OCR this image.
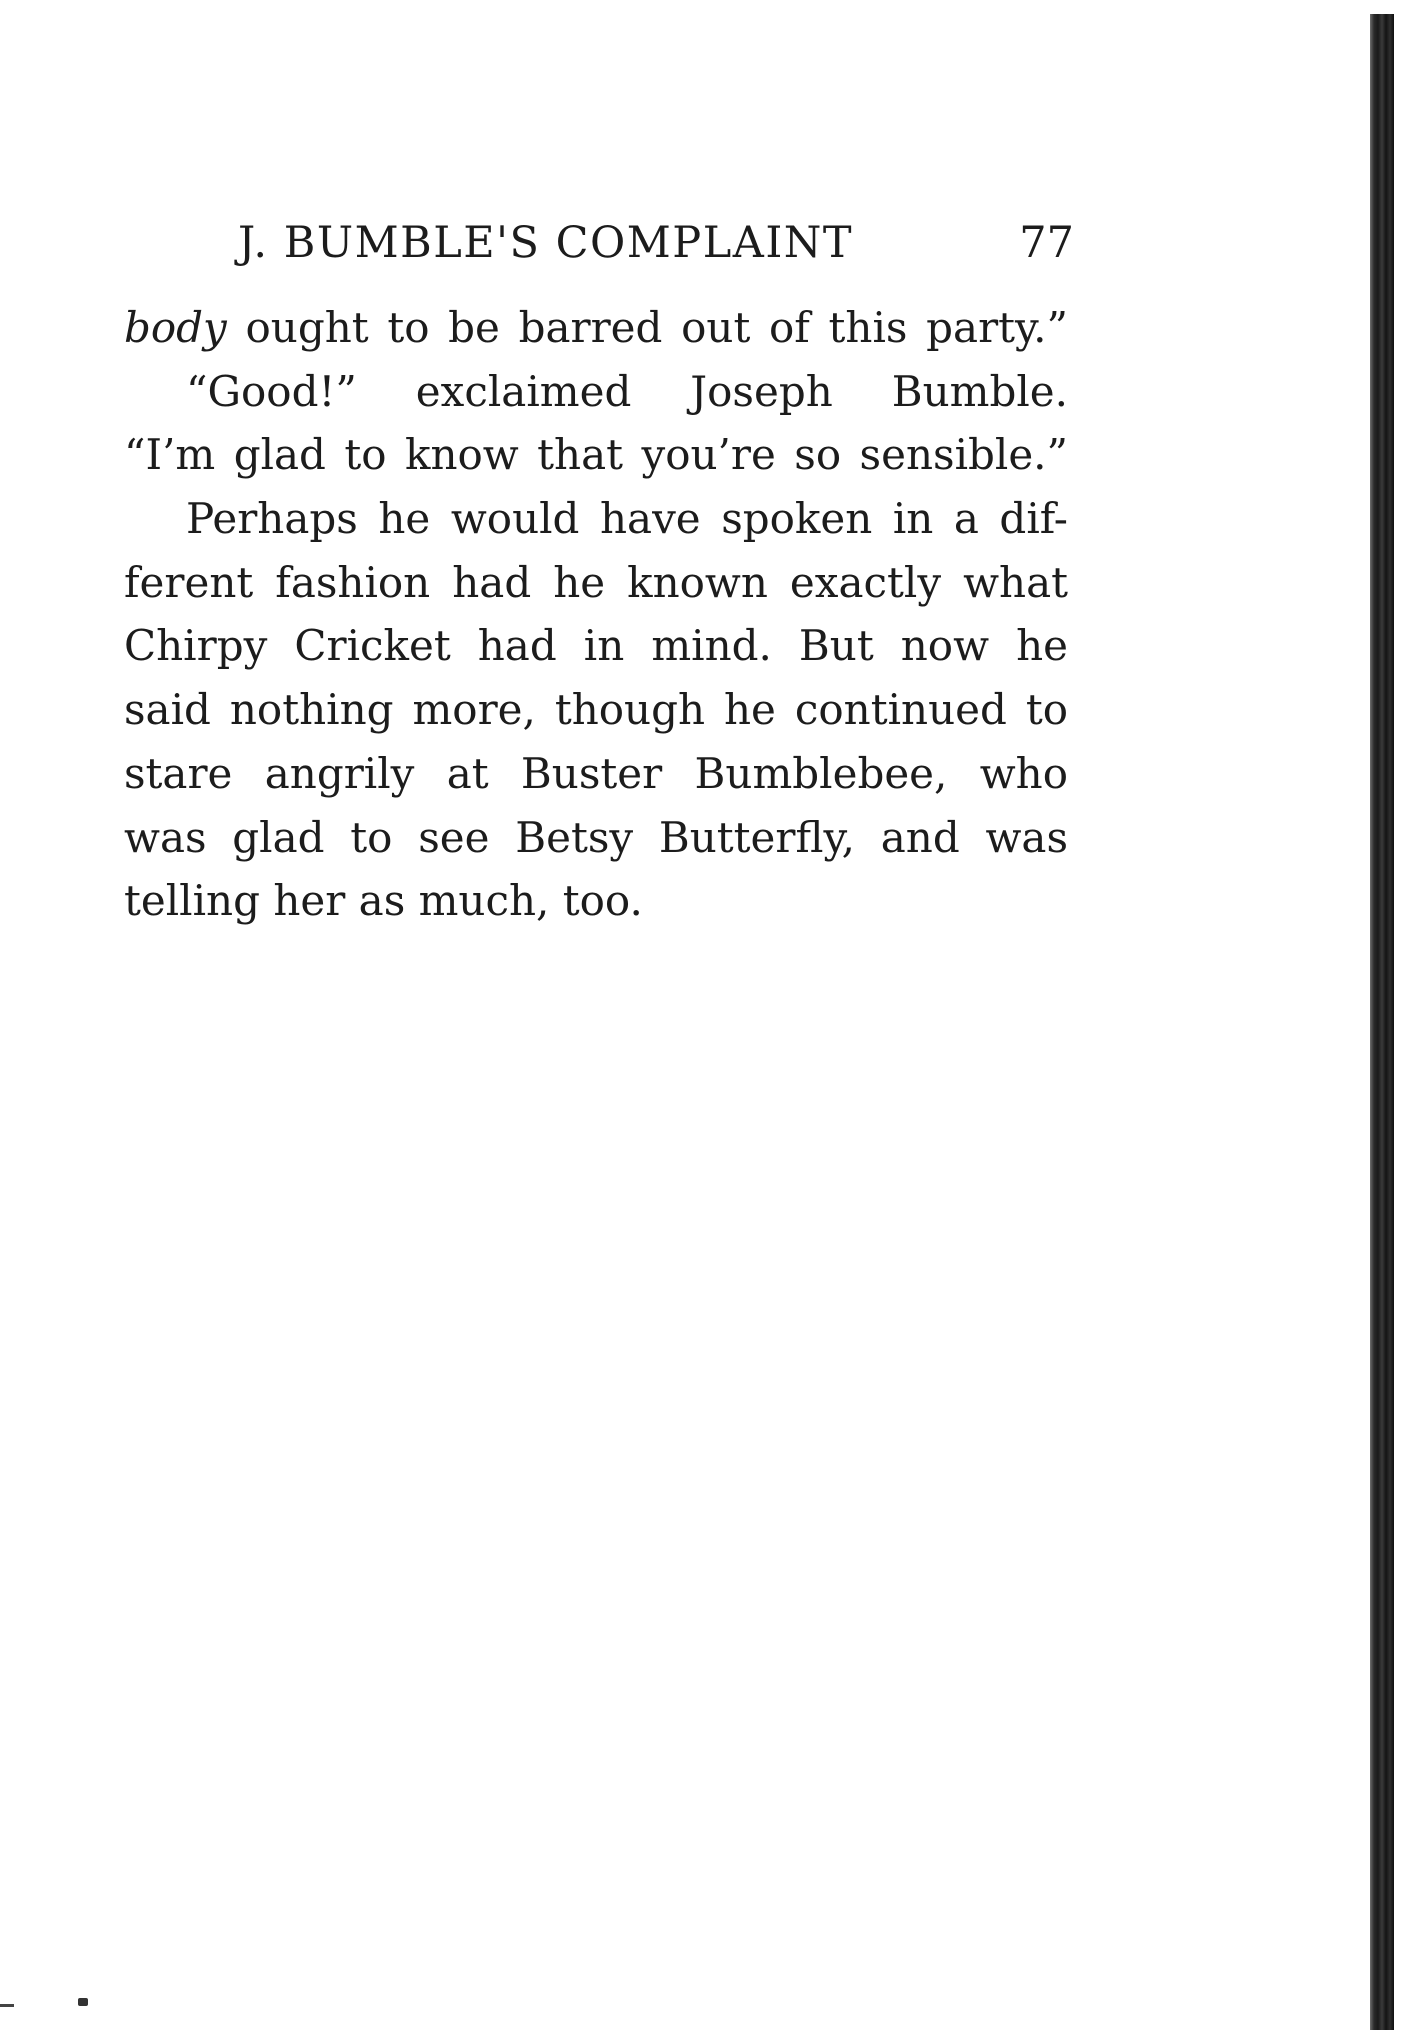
J. BUMBLE'S COMPLAINT	77
body ought to be barred out of this party.”
“Good!” exclaimed Joseph Bumble.
“I’m glad to know that you’re so sensible.”
Perhaps he would have spoken in a dif-
ferent fashion had he known exactly what
Chirpy Cricket had in mind. But now he
said nothing more, though he continued to
stare angrily at Buster Bumblebee, who
was glad to see Betsy Butterfly, and was
telling her as much, too.
